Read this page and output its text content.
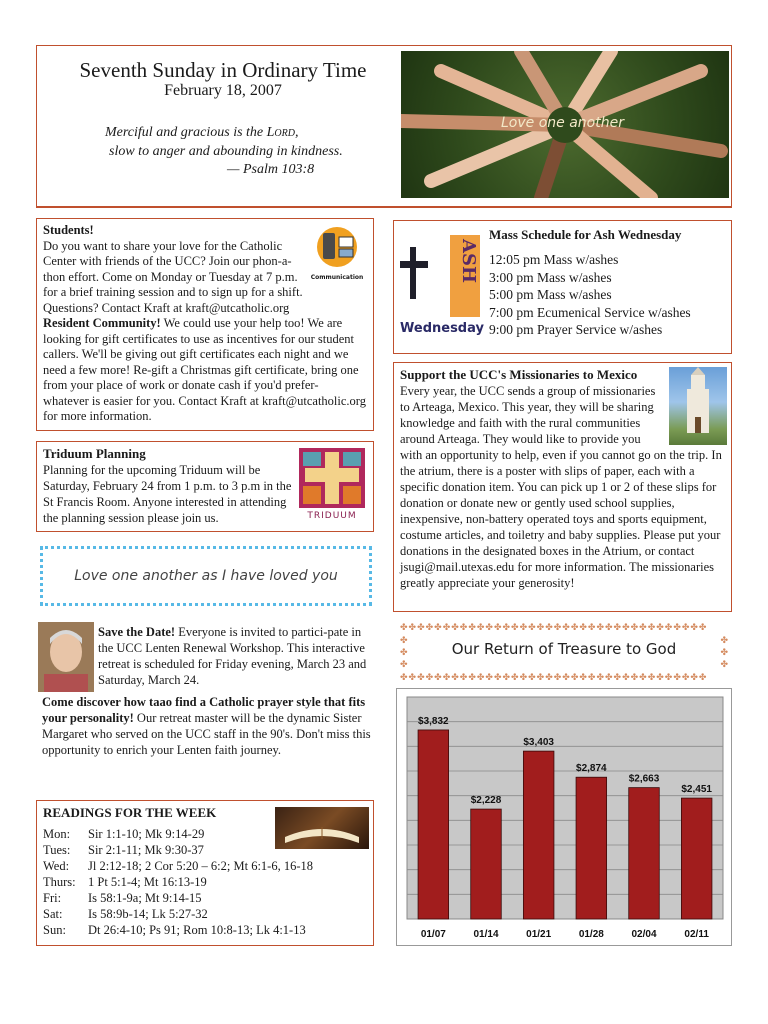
Seventh Sunday in Ordinary Time
February 18, 2007
Merciful and gracious is the LORD,
slow to anger and abounding in kindness.
— Psalm 103:8
Love one another
Communication
Students!
Do you want to share your love for the Catholic Center with friends of the UCC? Join our phon-a-thon effort. Come on Monday or Tuesday at 7 p.m. for a brief training session and to sign up for a shift. Questions? Contact Kraft at kraft@utcatholic.org
Resident Community! We could use your help too! We are looking for gift certificates to use as incentives for our student callers. We'll be giving out gift certificates each night and we need a few more! Re-gift a Christmas gift certificate, bring one from your place of work or donate cash if you'd prefer- whatever is easier for you. Contact Kraft at kraft@utcatholic.org for more information.
TRIDUUM
Triduum Planning
Planning for the upcoming Triduum will be Saturday, February 24 from 1 p.m. to 3 p.m in the St Francis Room. Anyone interested in attending the planning session please join us.
Love one another as I have loved you
Save the Date! Everyone is invited to partici-pate in the UCC Lenten Renewal Workshop. This interactive retreat is scheduled for Friday evening, March 23 and Saturday, March 24.
Come discover how taao find a Catholic prayer style that fits your personality! Our retreat master will be the dynamic Sister Margaret who served on the UCC staff in the 90's. Don't miss this opportunity to enrich your Lenten faith journey.
READINGS FOR THE WEEK
Mon:	Sir 1:1-10; Mk 9:14-29
Tues:	Sir 2:1-11; Mk 9:30-37
Wed:	Jl 2:12-18; 2 Cor 5:20 – 6:2; Mt 6:1-6, 16-18
Thurs: 1 Pt 5:1-4; Mt 16:13-19
Fri:	Is 58:1-9a; Mt 9:14-15
Sat:	Is 58:9b-14; Lk 5:27-32
Sun:	Dt 26:4-10; Ps 91; Rom 10:8-13; Lk 4:1-13
ASH
Wednesday
Mass Schedule for Ash Wednesday
12:05 pm Mass w/ashes
3:00 pm Mass w/ashes
5:00 pm Mass w/ashes
7:00 pm Ecumenical Service w/ashes
9:00 pm Prayer Service w/ashes
Support the UCC's Missionaries to Mexico
Every year, the UCC sends a group of missionaries to Arteaga, Mexico. This year, they will be sharing knowledge and faith with the rural communities around Arteaga. They would like to provide you with an opportunity to help, even if you cannot go on the trip. In the atrium, there is a poster with slips of paper, each with a specific donation item. You can pick up 1 or 2 of these slips for donation or donate new or gently used school supplies, inexpensive, non-battery operated toys and sports equipment, costume articles, and toiletry and baby supplies. Please put your donations in the designated boxes in the Atrium, or contact jsugi@mail.utexas.edu for more information. The missionaries greatly appreciate your generosity!
✤✤✤✤✤✤✤✤✤✤✤✤✤✤✤✤✤✤✤✤✤✤✤✤✤✤✤✤✤✤✤✤✤✤✤✤
✤
✤
✤
✤
✤
✤
Our Return of Treasure to God
✤✤✤✤✤✤✤✤✤✤✤✤✤✤✤✤✤✤✤✤✤✤✤✤✤✤✤✤✤✤✤✤✤✤✤✤
$3,832
01/07
$2,228
01/14
$3,403
01/21
$2,874
01/28
$2,663
02/04
$2,451
02/11
